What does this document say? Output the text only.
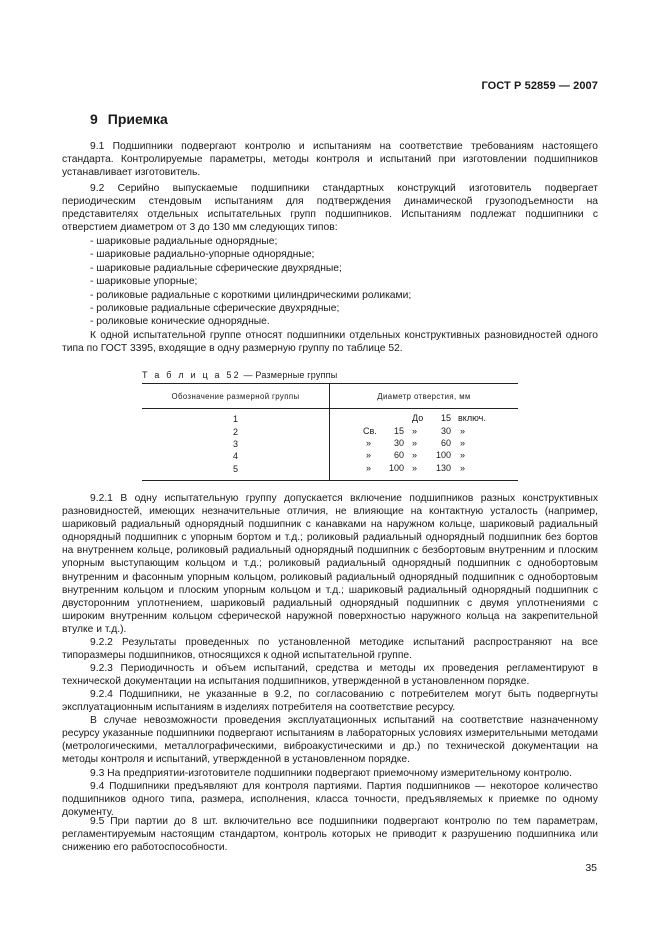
ГОСТ Р 52859 — 2007
9 Приемка

9.1 Подшипники подвергают контролю и испытаниям на соответствие требованиям настоящего стандарта. Контролируемые параметры, методы контроля и испытаний при изготовлении подшипников устанавливает изготовитель.

9.2 Серийно выпускаемые подшипники стандартных конструкций изготовитель подвергает периодическим стендовым испытаниям для подтверждения динамической грузоподъемности на представителях отдельных испытательных групп подшипников. Испытаниям подлежат подшипники с отверстием диаметром от 3 до 130 мм следующих типов:

- шариковые радиальные однорядные;
- шариковые радиально-упорные однорядные;
- шариковые радиальные сферические двухрядные;
- шариковые упорные;
- роликовые радиальные с короткими цилиндрическими роликами;
- роликовые радиальные сферические двухрядные;
- роликовые конические однорядные.

К одной испытательной группе относят подшипники отдельных конструктивных разновидностей одного типа по ГОСТ 3395, входящие в одну размерную группу по таблице 52.

Т а б л и ц а 52 — Размерные группы
Обозначение размерной группы	Диаметр отверстия, мм
1	До 15 включ.

2	Св. 15 » 30 »

3	» 30 » 60 »

4	» 60 » 100 »

5	» 100 » 130 »

9.2.1 В одну испытательную группу допускается включение подшипников разных конструктивных разновидностей, имеющих незначительные отличия, не влияющие на контактную усталость (например, шариковый радиальный однорядный подшипник с канавками на наружном кольце, шариковый радиальный однорядный подшипник с упорным бортом и т.д.; роликовый радиальный однорядный подшипник без бортов на внутреннем кольце, роликовый радиальный однорядный подшипник с безбортовым внутренним и плоским упорным выступающим кольцом и т.д.; роликовый радиальный однорядный подшипник с однобортовым внутренним и фасонным упорным кольцом, роликовый радиальный однорядный подшипник с однобортовым внутренним кольцом и плоским упорным кольцом и т.д.; шариковый радиальный однорядный подшипник с двусторонним уплотнением, шариковый радиальный однорядный подшипник с двумя уплотнениями с широким внутренним кольцом сферической наружной поверхностью наружного кольца на закрепительной втулке и т.д.).

9.2.2 Результаты проведенных по установленной методике испытаний распространяют на все типоразмеры подшипников, относящихся к одной испытательной группе.

9.2.3 Периодичность и объем испытаний, средства и методы их проведения регламентируют в технической документации на испытания подшипников, утвержденной в установленном порядке.

9.2.4 Подшипники, не указанные в 9.2, по согласованию с потребителем могут быть подвергнуты эксплуатационным испытаниям в изделиях потребителя на соответствие ресурсу.

В случае невозможности проведения эксплуатационных испытаний на соответствие назначенному ресурсу указанные подшипники подвергают испытаниям в лабораторных условиях измерительными методами (метрологическими, металлографическими, виброакустическими и др.) по технической документации на методы контроля и испытаний, утвержденной в установленном порядке.

9.3 На предприятии-изготовителе подшипники подвергают приемочному измерительному контролю.

9.4 Подшипники предъявляют для контроля партиями. Партия подшипников — некоторое количество подшипников одного типа, размера, исполнения, класса точности, предъявляемых к приемке по одному документу.

9.5 При партии до 8 шт. включительно все подшипники подвергают контролю по тем параметрам, регламентируемым настоящим стандартом, контроль которых не приводит к разрушению подшипника или снижению его работоспособности.

35
